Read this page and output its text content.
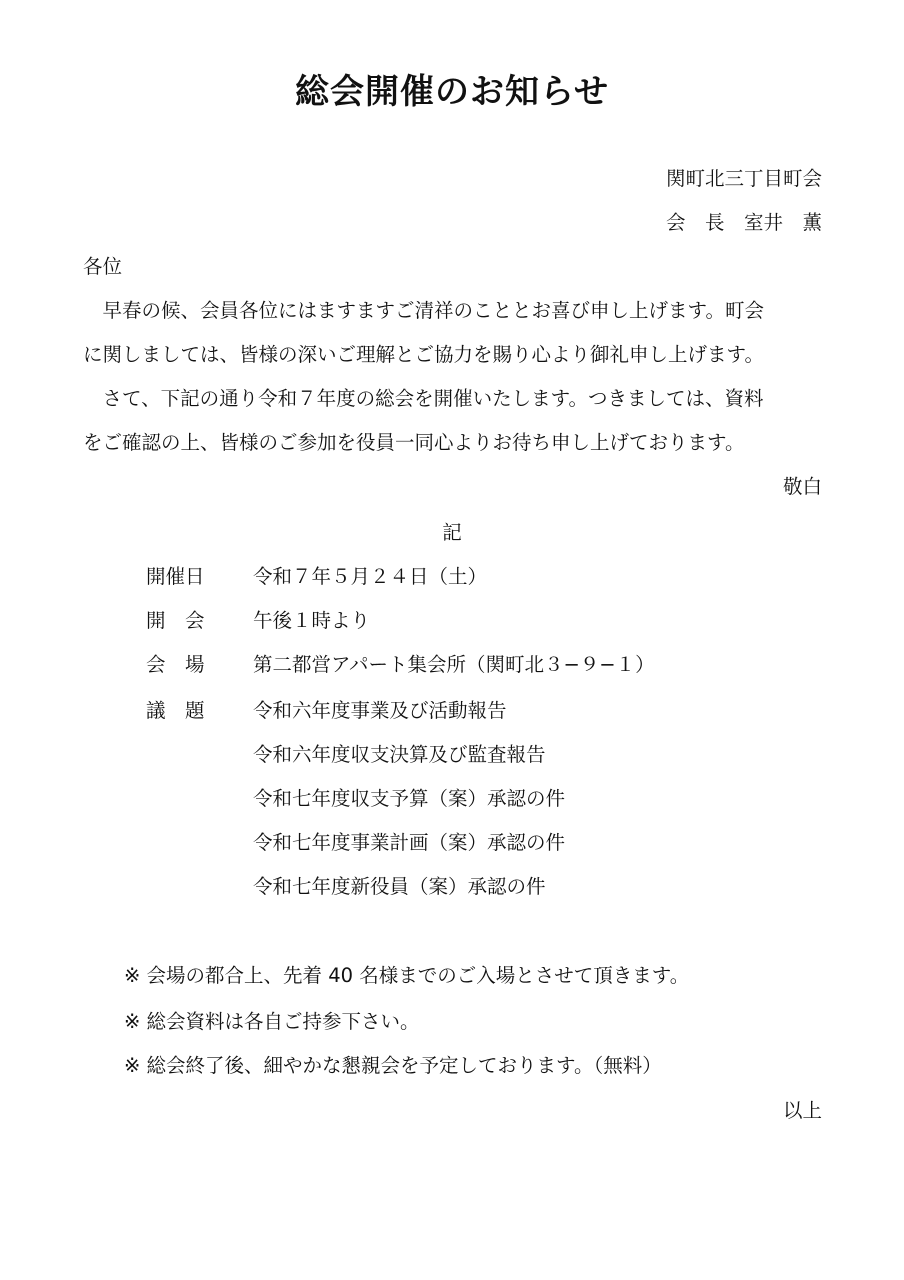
総会開催のお知らせ
関町北三丁目町会
会　長　室井　薫
各位
　早春の候、会員各位にはますますご清祥のこととお喜び申し上げます。町会
に関しましては、皆様の深いご理解とご協力を賜り心より御礼申し上げます。
　さて、下記の通り令和７年度の総会を開催いたします。つきましては、資料
をご確認の上、皆様のご参加を役員一同心よりお待ち申し上げております。
敬白
記
開催日 令和７年５月２４日（土）
開　会 午後１時より
会　場 第二都営アパート集会所（関町北３−９−１）
議　題 令和六年度事業及び活動報告
令和六年度収支決算及び監査報告
令和七年度収支予算（案）承認の件
令和七年度事業計画（案）承認の件
令和七年度新役員（案）承認の件
※ 会場の都合上、先着 40 名様までのご入場とさせて頂きます。
※ 総会資料は各自ご持参下さい。
※ 総会終了後、細やかな懇親会を予定しております。（無料）
以上
